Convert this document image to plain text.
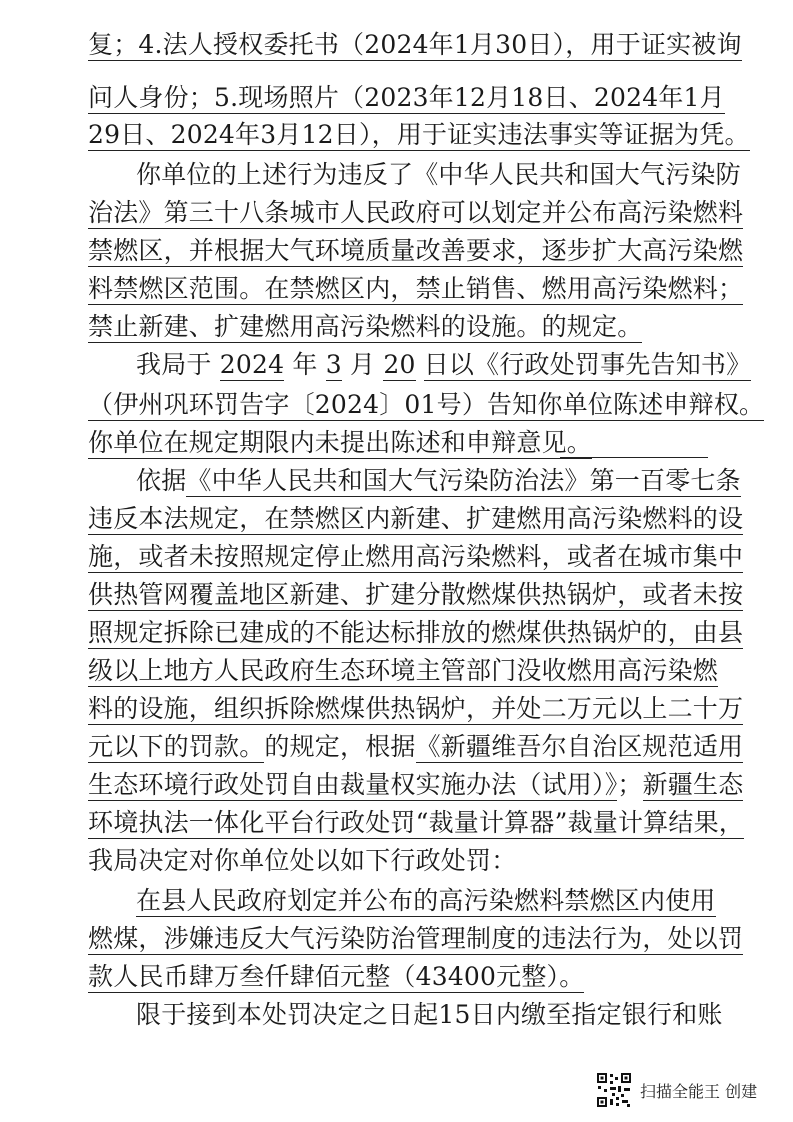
复；4.法人授权委托书（2024年1月30日），用于证实被询
问人身份；5.现场照片（2023年12月18日、2024年1月
29日、2024年3月12日），用于证实违法事实等证据为凭。
你单位的上述行为违反了《中华人民共和国大气污染防
治法》第三十八条城市人民政府可以划定并公布高污染燃料
禁燃区，并根据大气环境质量改善要求，逐步扩大高污染燃
料禁燃区范围。在禁燃区内，禁止销售、燃用高污染燃料；
禁止新建、扩建燃用高污染燃料的设施。的规定。
我局于 2024 年 3 月 20 日以《行政处罚事先告知书》
（伊州巩环罚告字〔2024〕01号）告知你单位陈述申辩权。
你单位在规定期限内未提出陈述和申辩意见。
依据《中华人民共和国大气污染防治法》第一百零七条
违反本法规定，在禁燃区内新建、扩建燃用高污染燃料的设
施，或者未按照规定停止燃用高污染燃料，或者在城市集中
供热管网覆盖地区新建、扩建分散燃煤供热锅炉，或者未按
照规定拆除已建成的不能达标排放的燃煤供热锅炉的，由县
级以上地方人民政府生态环境主管部门没收燃用高污染燃
料的设施，组织拆除燃煤供热锅炉，并处二万元以上二十万
元以下的罚款。的规定，根据《新疆维吾尔自治区规范适用
生态环境行政处罚自由裁量权实施办法（试用）》；新疆生态
环境执法一体化平台行政处罚“裁量计算器”裁量计算结果，
我局决定对你单位处以如下行政处罚：
在县人民政府划定并公布的高污染燃料禁燃区内使用
燃煤，涉嫌违反大气污染防治管理制度的违法行为，处以罚
款人民币肆万叁仟肆佰元整（43400元整）。
限于接到本处罚决定之日起15日内缴至指定银行和账
扫描全能王 创建
